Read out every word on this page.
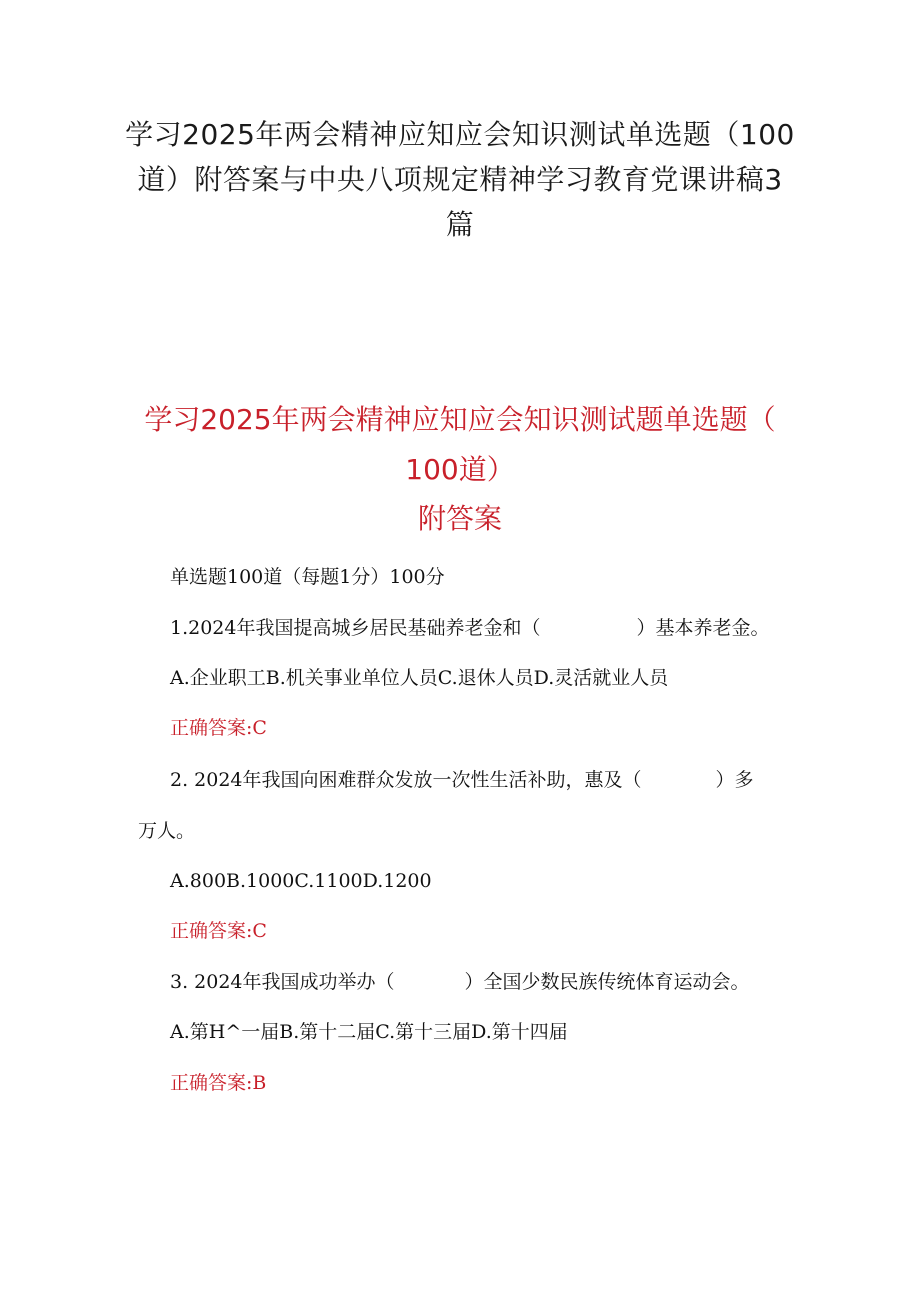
学习2025年两会精神应知应会知识测试单选题（100
道）附答案与中央八项规定精神学习教育党课讲稿3
篇
学习2025年两会精神应知应会知识测试题单选题（
100道）
附答案
单选题100道（每题1分）100分
1.2024年我国提高城乡居民基础养老金和（	）基本养老金。
A.企业职工B.机关事业单位人员C.退休人员D.灵活就业人员
正确答案:C
2. 2024年我国向困难群众发放一次性生活补助，惠及（	）多
万人。
A.800B.1000C.1100D.1200
正确答案:C
3. 2024年我国成功举办（	）全国少数民族传统体育运动会。
A.第H^一届B.第十二届C.第十三届D.第十四届
正确答案:B
